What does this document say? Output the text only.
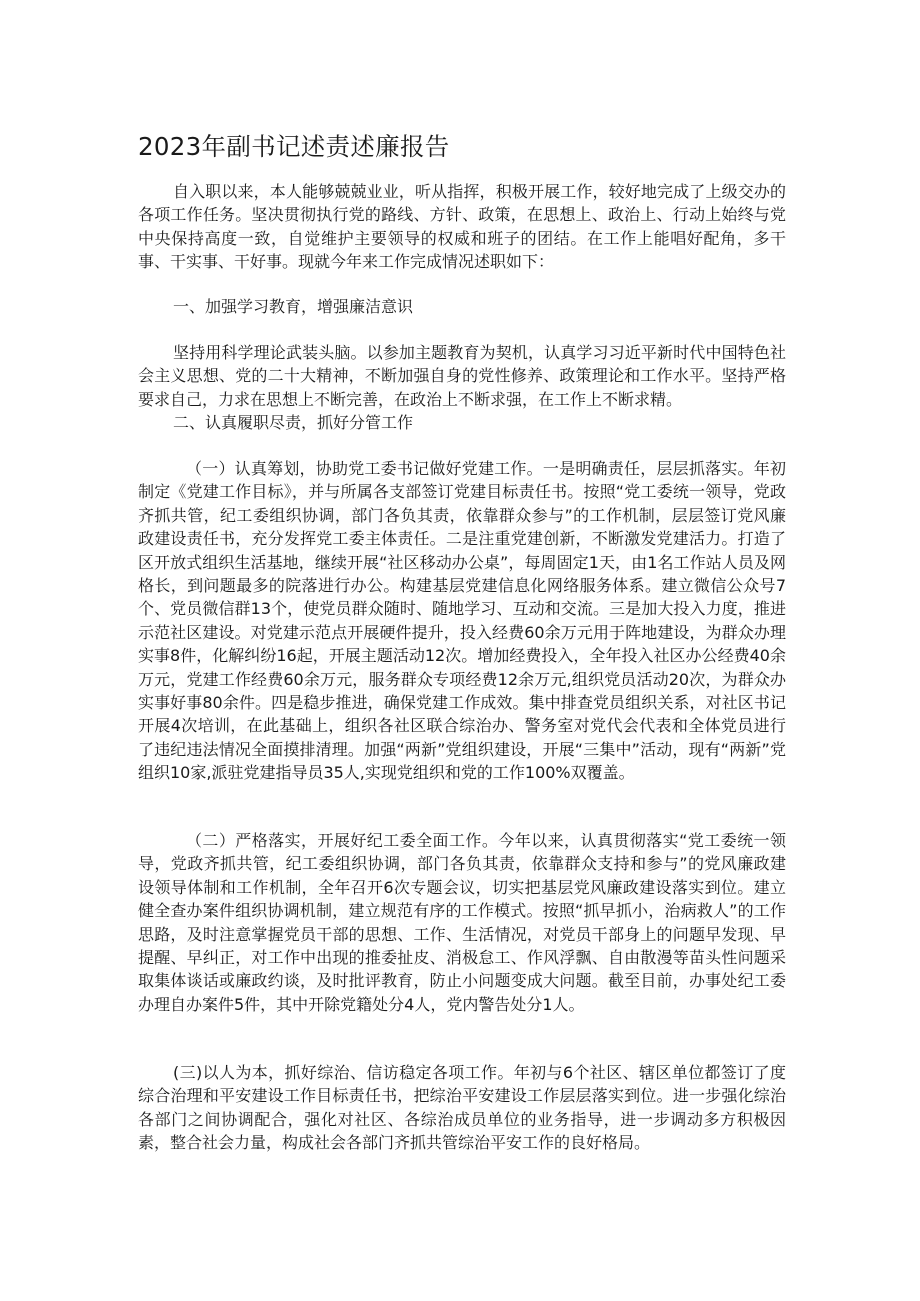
2023年副书记述责述廉报告

自入职以来，本人能够兢兢业业，听从指挥，积极开展工作，较好地完成了上级交办的各项工作任务。坚决贯彻执行党的路线、方针、政策，在思想上、政治上、行动上始终与党中央保持高度一致，自觉维护主要领导的权威和班子的团结。在工作上能唱好配角，多干事、干实事、干好事。现就今年来工作完成情况述职如下：

一、加强学习教育，增强廉洁意识

坚持用科学理论武装头脑。以参加主题教育为契机，认真学习习近平新时代中国特色社会主义思想、党的二十大精神，不断加强自身的党性修养、政策理论和工作水平。坚持严格要求自己，力求在思想上不断完善，在政治上不断求强，在工作上不断求精。

二、认真履职尽责，抓好分管工作

（一）认真筹划，协助党工委书记做好党建工作。一是明确责任，层层抓落实。年初制定《党建工作目标》，并与所属各支部签订党建目标责任书。按照“党工委统一领导，党政齐抓共管，纪工委组织协调，部门各负其责，依靠群众参与”的工作机制，层层签订党风廉政建设责任书，充分发挥党工委主体责任。二是注重党建创新，不断激发党建活力。打造了区开放式组织生活基地，继续开展“社区移动办公桌”，每周固定1天，由1名工作站人员及网格长，到问题最多的院落进行办公。构建基层党建信息化网络服务体系。建立微信公众号7个、党员微信群13个，使党员群众随时、随地学习、互动和交流。三是加大投入力度，推进示范社区建设。对党建示范点开展硬件提升，投入经费60余万元用于阵地建设，为群众办理实事8件，化解纠纷16起，开展主题活动12次。增加经费投入，全年投入社区办公经费40余万元，党建工作经费60余万元，服务群众专项经费12余万元,组织党员活动20次，为群众办实事好事80余件。四是稳步推进，确保党建工作成效。集中排查党员组织关系，对社区书记开展4次培训，在此基础上，组织各社区联合综治办、警务室对党代会代表和全体党员进行了违纪违法情况全面摸排清理。加强“两新”党组织建设，开展“三集中”活动，现有“两新”党组织10家,派驻党建指导员35人,实现党组织和党的工作100%双覆盖。

（二）严格落实，开展好纪工委全面工作。今年以来，认真贯彻落实“党工委统一领导，党政齐抓共管，纪工委组织协调，部门各负其责，依靠群众支持和参与”的党风廉政建设领导体制和工作机制，全年召开6次专题会议，切实把基层党风廉政建设落实到位。建立健全查办案件组织协调机制，建立规范有序的工作模式。按照“抓早抓小，治病救人”的工作思路，及时注意掌握党员干部的思想、工作、生活情况，对党员干部身上的问题早发现、早提醒、早纠正，对工作中出现的推委扯皮、消极怠工、作风浮飘、自由散漫等苗头性问题采取集体谈话或廉政约谈，及时批评教育，防止小问题变成大问题。截至目前，办事处纪工委办理自办案件5件，其中开除党籍处分4人，党内警告处分1人。

(三)以人为本，抓好综治、信访稳定各项工作。年初与6个社区、辖区单位都签订了度综合治理和平安建设工作目标责任书，把综治平安建设工作层层落实到位。进一步强化综治各部门之间协调配合，强化对社区、各综治成员单位的业务指导，进一步调动多方积极因素，整合社会力量，构成社会各部门齐抓共管综治平安工作的良好格局。
